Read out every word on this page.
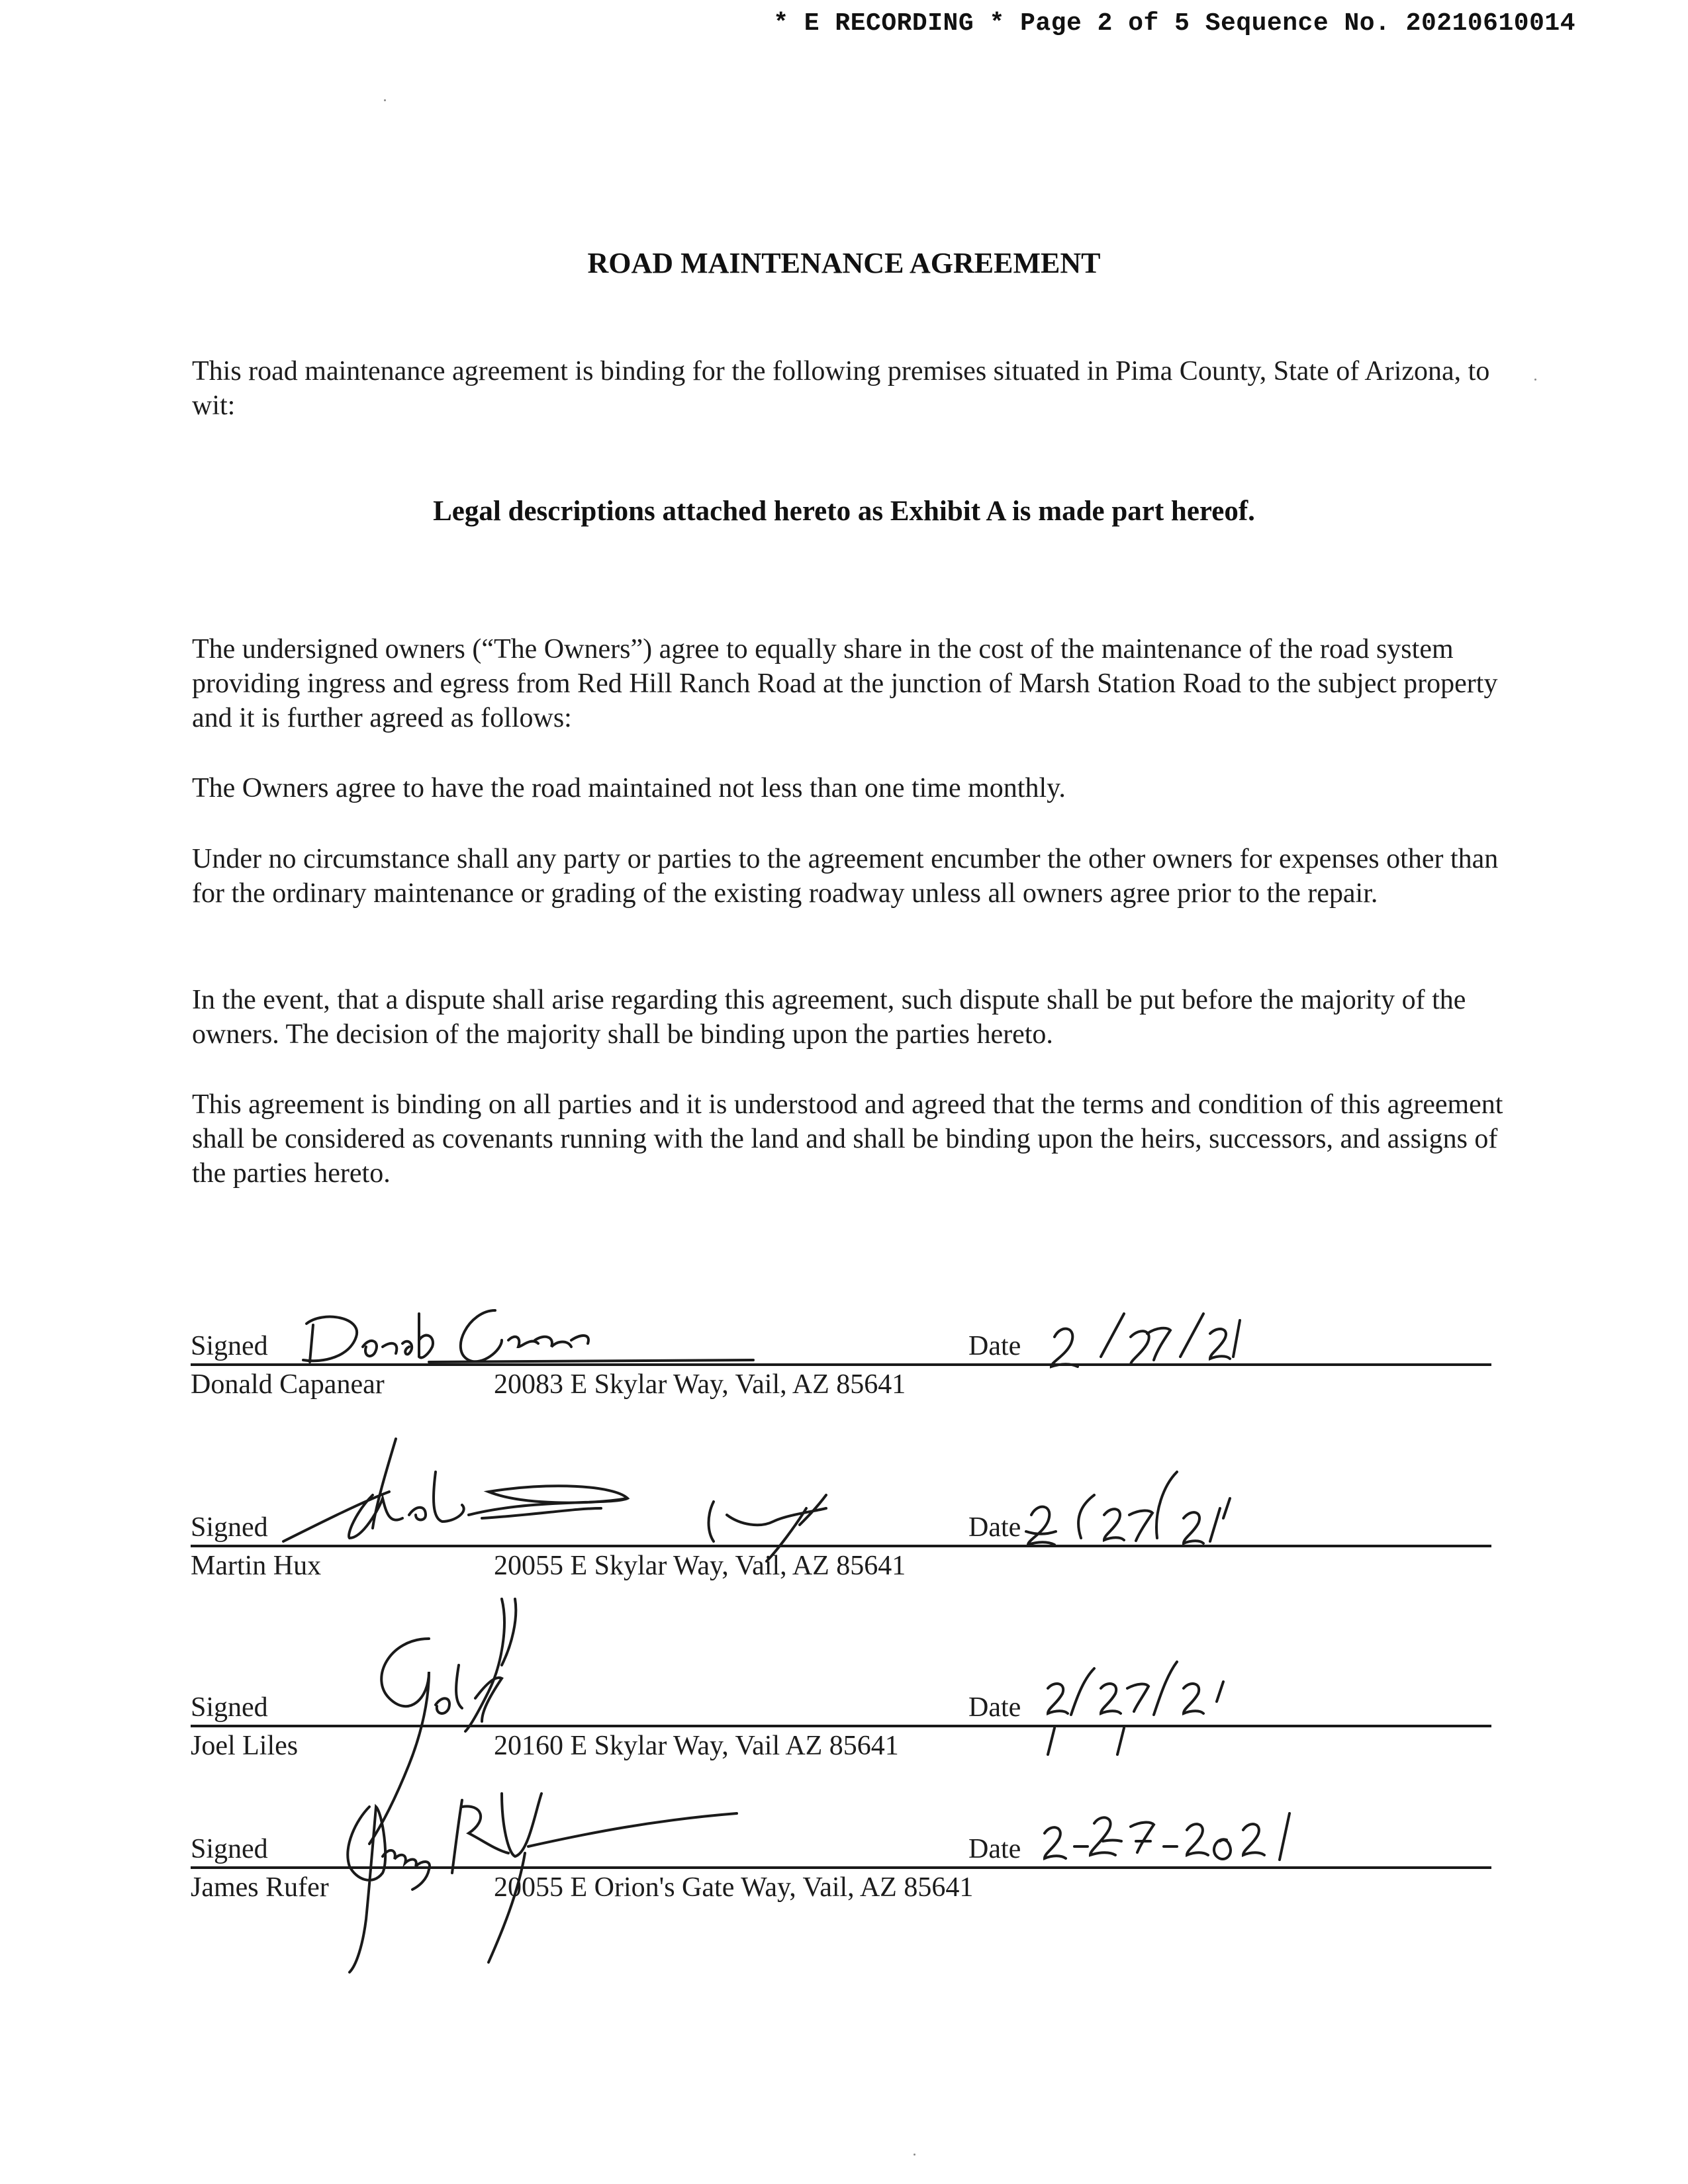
* E RECORDING * Page 2 of 5 Sequence No. 20210610014
ROAD MAINTENANCE AGREEMENT
This road maintenance agreement is binding for the following premises situated in Pima County, State of Arizona, to wit:
Legal descriptions attached hereto as Exhibit A is made part hereof.
The undersigned owners (“The Owners”) agree to equally share in the cost of the maintenance of the road system providing ingress and egress from Red Hill Ranch Road at the junction of Marsh Station Road to the subject property and it is further agreed as follows:
The Owners agree to have the road maintained not less than one time monthly.
Under no circumstance shall any party or parties to the agreement encumber the other owners for expenses other than for the ordinary maintenance or grading of the existing roadway unless all owners agree prior to the repair.
In the event, that a dispute shall arise regarding this agreement, such dispute shall be put before the majority of the owners. The decision of the majority shall be binding upon the parties hereto.
This agreement is binding on all parties and it is understood and agreed that the terms and condition of this agreement shall be considered as covenants running with the land and shall be binding upon the heirs, successors, and assigns of the parties hereto.
Signed	Date
Donald Capanear	20083 E Skylar Way, Vail, AZ 85641
Signed	Date
Martin Hux	20055 E Skylar Way, Vail, AZ 85641
Signed	Date
Joel Liles	20160 E Skylar Way, Vail AZ 85641
Signed	Date
James Rufer	20055 E Orion's Gate Way, Vail, AZ 85641
